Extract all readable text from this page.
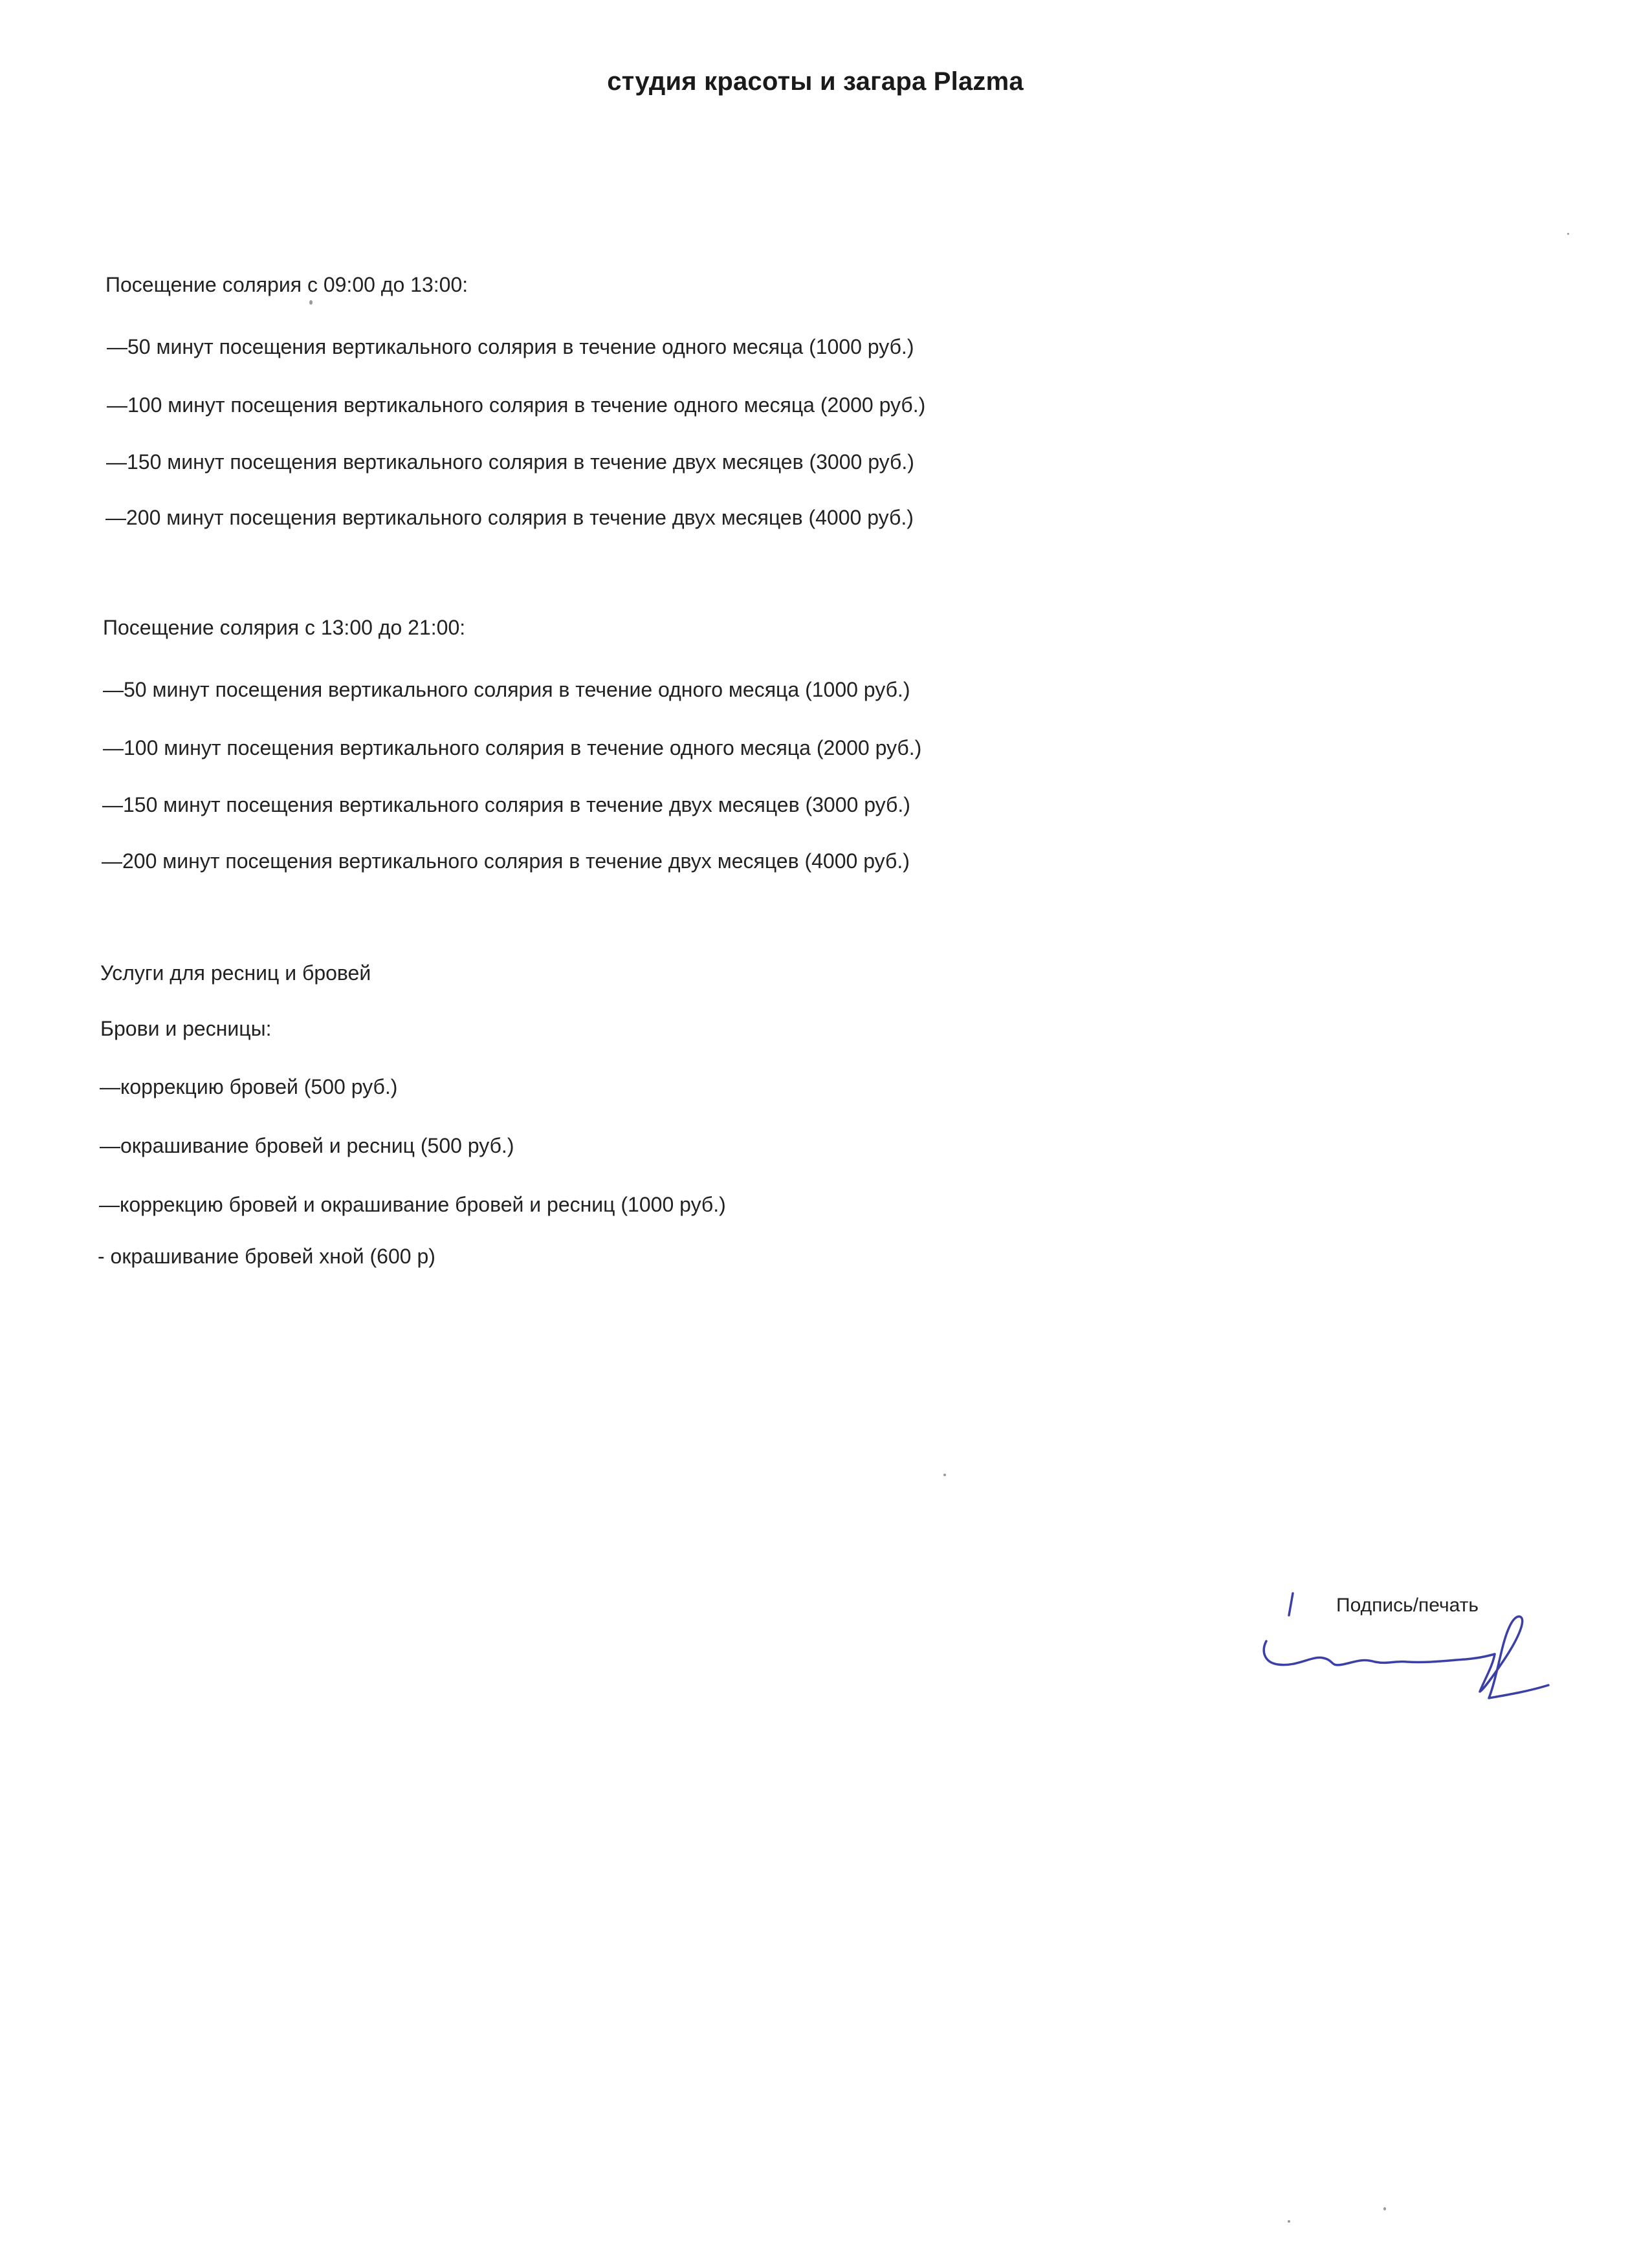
студия красоты и загара Plazma
Посещение солярия с 09:00 до 13:00:
—50 минут посещения вертикального солярия в течение одного месяца (1000 руб.)
—100 минут посещения вертикального солярия в течение одного месяца (2000 руб.)
—150 минут посещения вертикального солярия в течение двух месяцев (3000 руб.)
—200 минут посещения вертикального солярия в течение двух месяцев (4000 руб.)
Посещение солярия с 13:00 до 21:00:
—50 минут посещения вертикального солярия в течение одного месяца (1000 руб.)
—100 минут посещения вертикального солярия в течение одного месяца (2000 руб.)
—150 минут посещения вертикального солярия в течение двух месяцев (3000 руб.)
—200 минут посещения вертикального солярия в течение двух месяцев (4000 руб.)
Услуги для ресниц и бровей
Брови и ресницы:
—коррекцию бровей (500 руб.)
—окрашивание бровей и ресниц (500 руб.)
—коррекцию бровей и окрашивание бровей и ресниц (1000 руб.)
- окрашивание бровей хной (600 р)
Подпись/печать
